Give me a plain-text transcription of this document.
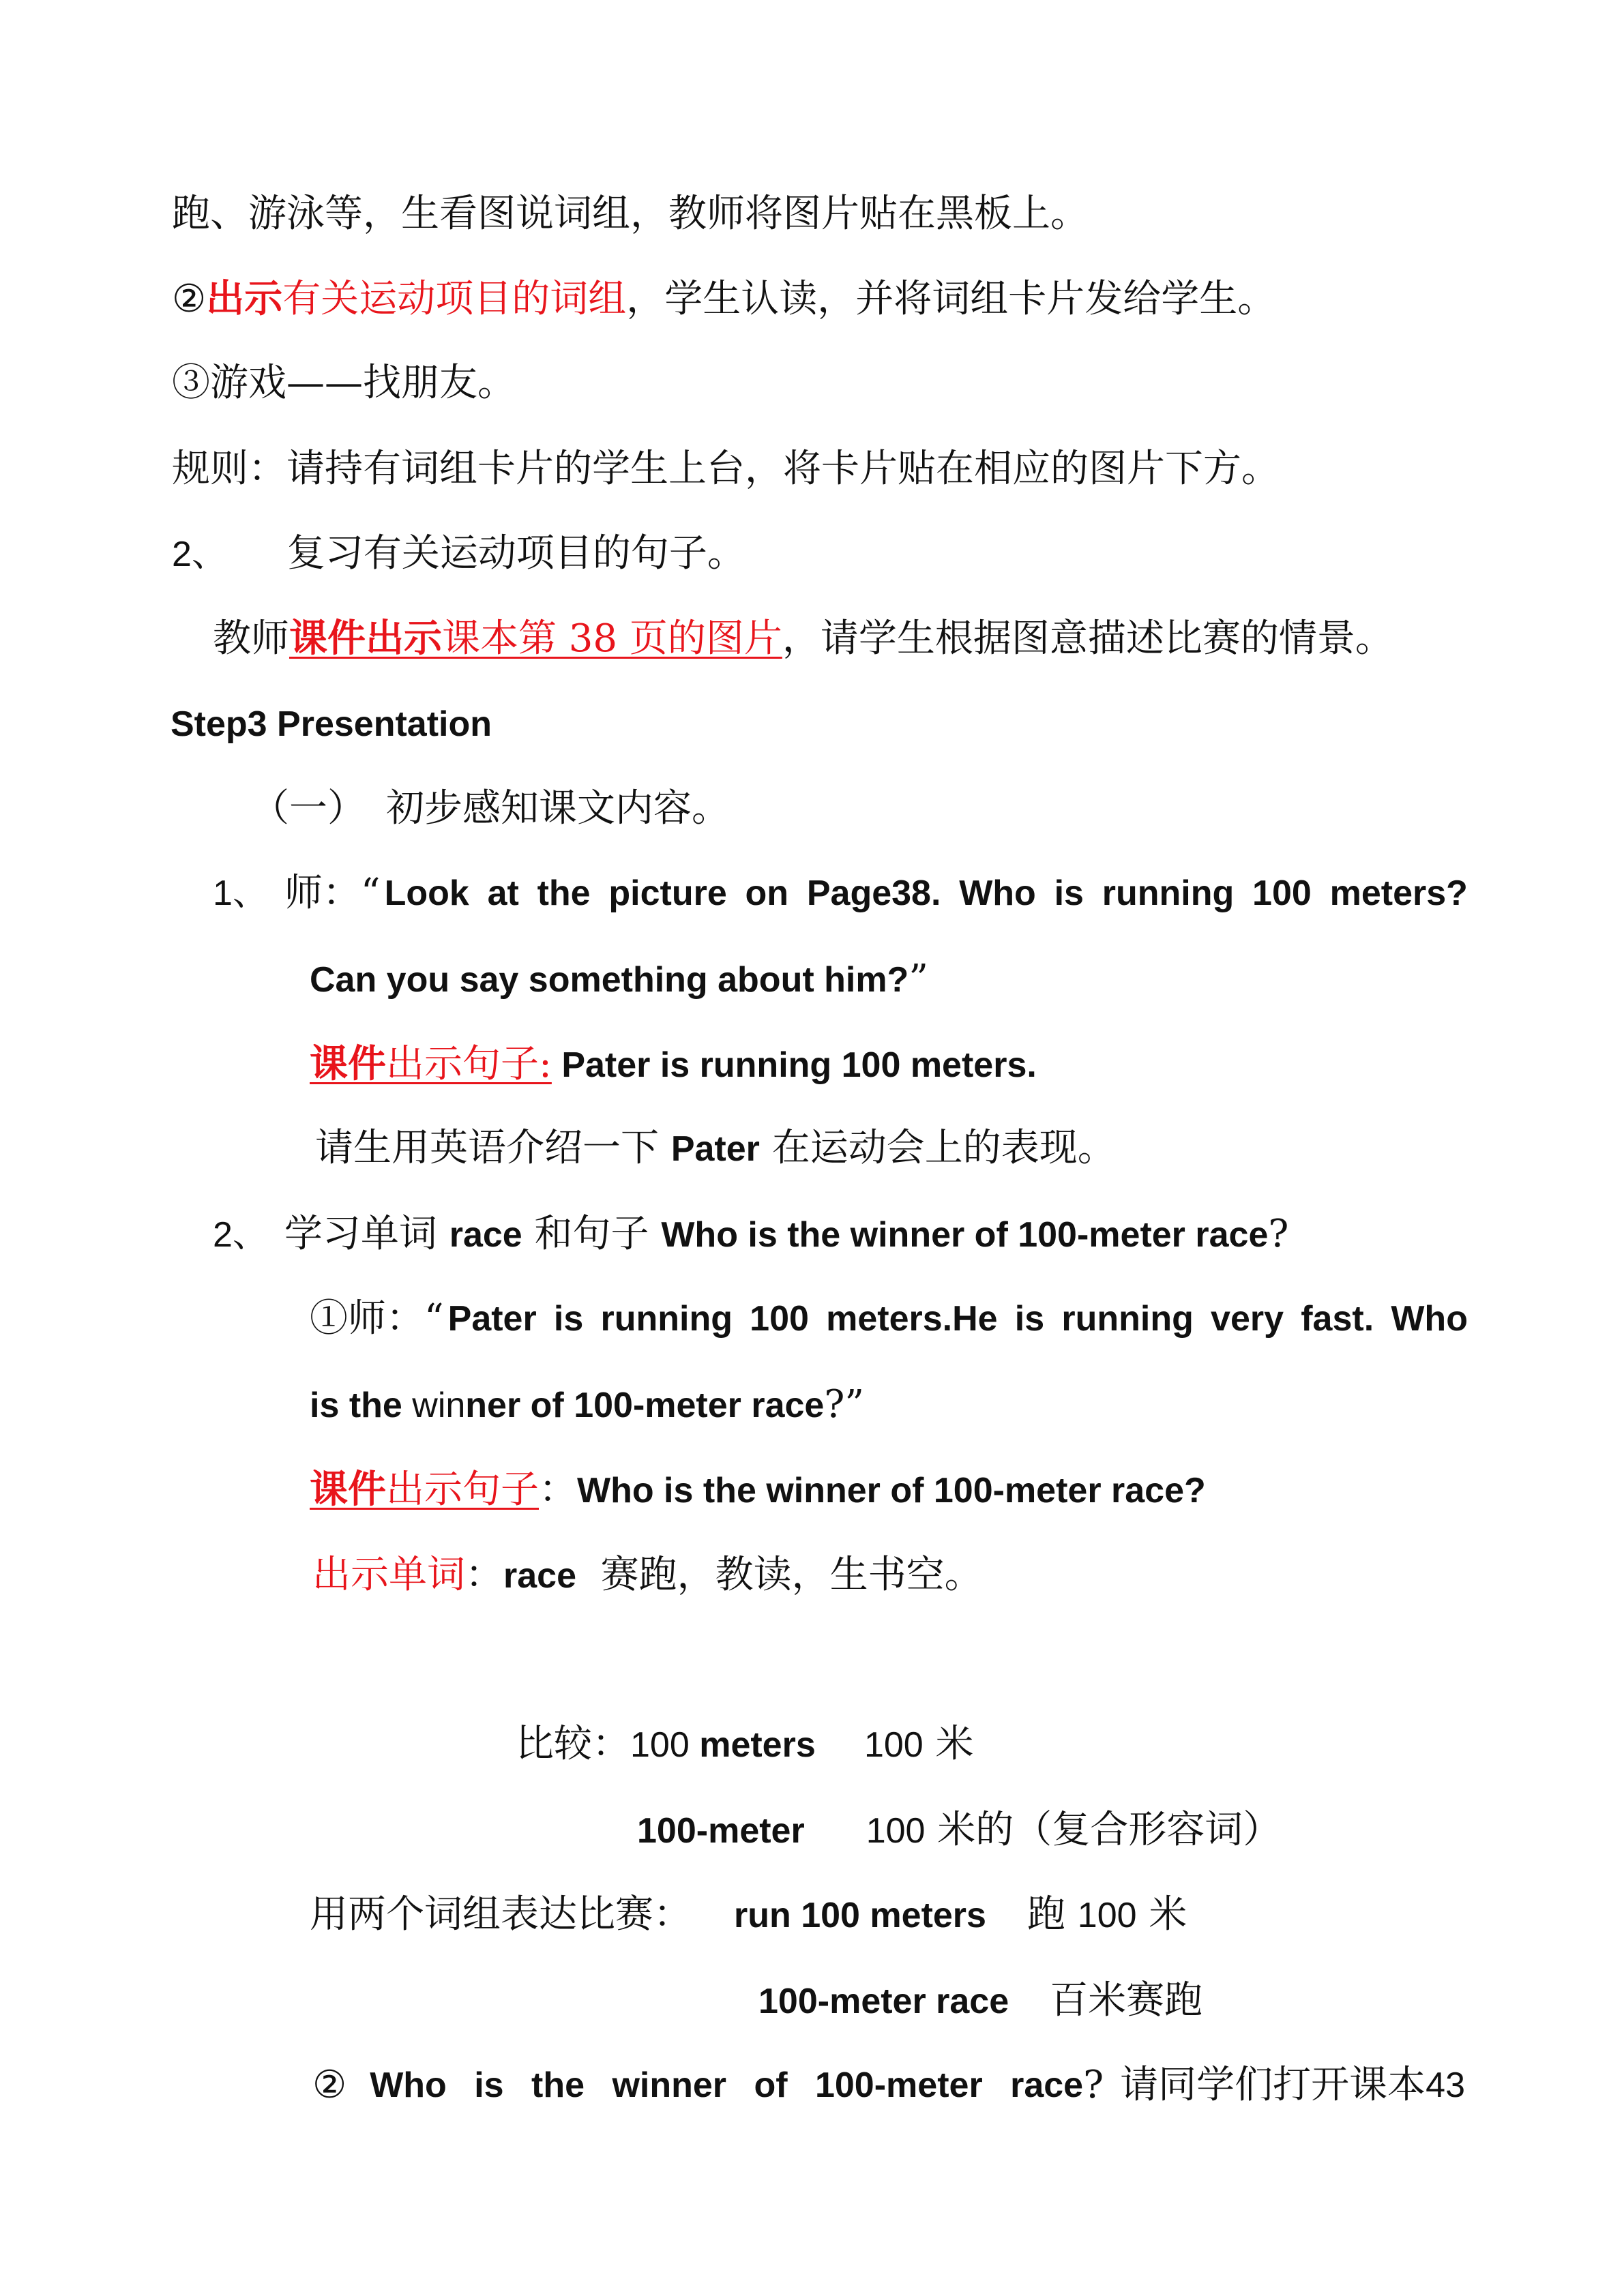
跑、游泳等，生看图说词组，教师将图片贴在黑板上。
②出示有关运动项目的词组，学生认读，并将词组卡片发给学生。
③游戏——找朋友。
规则：请持有词组卡片的学生上台，将卡片贴在相应的图片下方。
2、 复习有关运动项目的句子。
教师课件出示课本第 38 页的图片，请学生根据图意描述比赛的情景。
Step3 Presentation
（一） 初步感知课文内容。
1、 师：“ Look at the picture on Page38. Who is running 100 meters?
Can you say something about him?”
课件出示句子: Pater is running 100 meters.
请生用英语介绍一下 Pater 在运动会上的表现。
2、 学习单词 race 和句子 Who is the winner of 100-meter race?
①师：“ Pater is running 100 meters.He is running very fast. Who
is the winner of 100-meter race?”
课件出示句子：Who is the winner of 100-meter race?
出示单词：race  赛跑，教读，生书空。
比较：100 meters 100 米
100-meter 100 米的（复合形容词）
用两个词组表达比赛： run 100 meters 跑 100 米
100-meter race 百米赛跑
② Who is the winner of 100-meter race ? 请同学们打开课本 43
